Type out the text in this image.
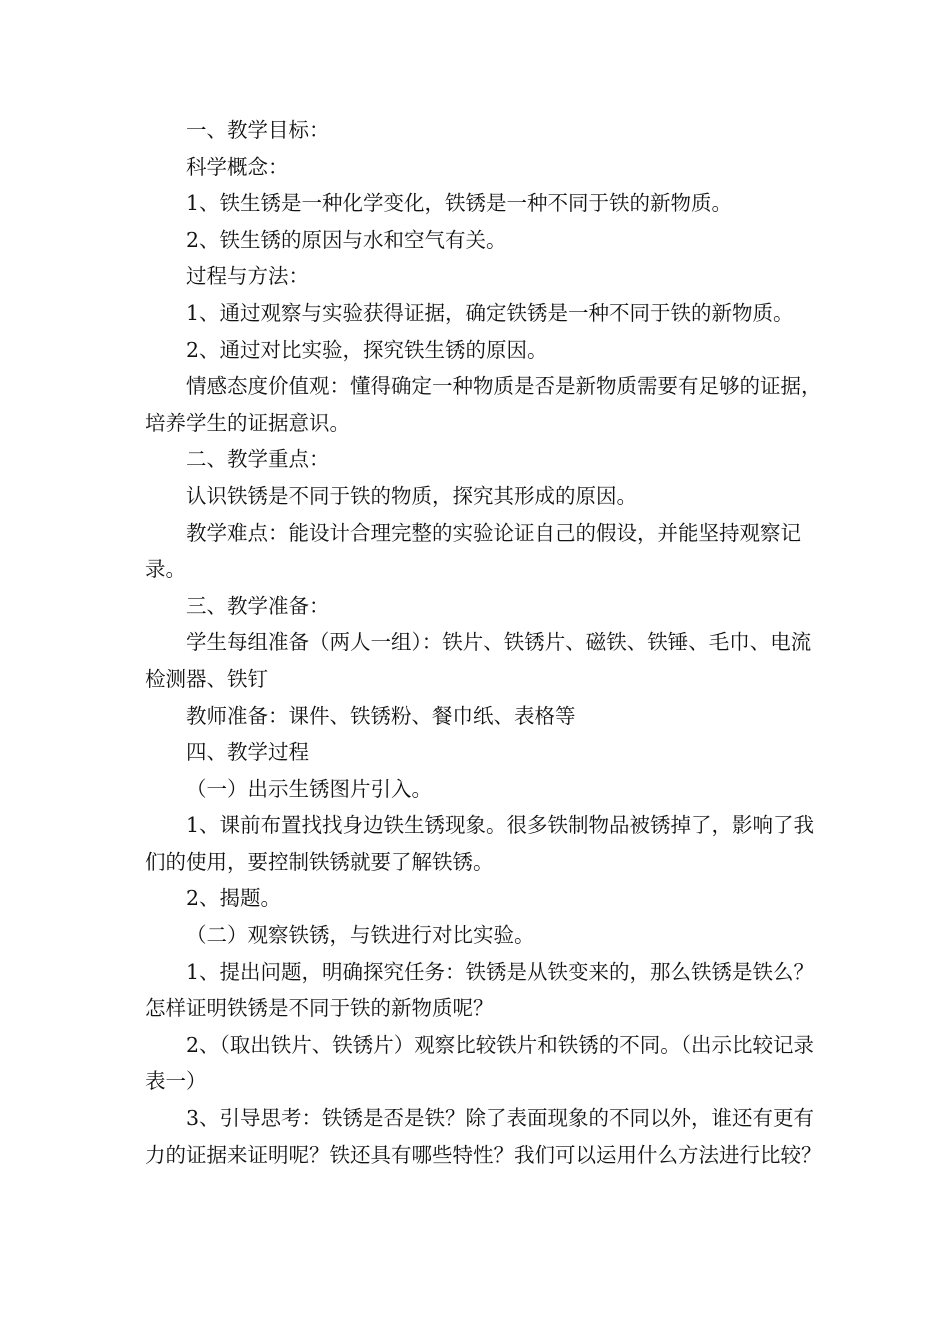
一、教学目标：

科学概念：

1、铁生锈是一种化学变化，铁锈是一种不同于铁的新物质。

2、铁生锈的原因与水和空气有关。

过程与方法：

1、通过观察与实验获得证据，确定铁锈是一种不同于铁的新物质。

2、通过对比实验，探究铁生锈的原因。

情感态度价值观：懂得确定一种物质是否是新物质需要有足够的证据，培养学生的证据意识。

二、教学重点：

认识铁锈是不同于铁的物质，探究其形成的原因。

教学难点：能设计合理完整的实验论证自己的假设，并能坚持观察记录。

三、教学准备：

学生每组准备（两人一组）：铁片、铁锈片、磁铁、铁锤、毛巾、电流检测器、铁钉

教师准备：课件、铁锈粉、餐巾纸、表格等

四、教学过程

（一）出示生锈图片引入。

1、课前布置找找身边铁生锈现象。很多铁制物品被锈掉了，影响了我们的使用，要控制铁锈就要了解铁锈。

2、揭题。

（二）观察铁锈，与铁进行对比实验。

1、提出问题，明确探究任务：铁锈是从铁变来的，那么铁锈是铁么？怎样证明铁锈是不同于铁的新物质呢？

2、（取出铁片、铁锈片）观察比较铁片和铁锈的不同。（出示比较记录表一）

3、引导思考：铁锈是否是铁？除了表面现象的不同以外，谁还有更有力的证据来证明呢？铁还具有哪些特性？我们可以运用什么方法进行比较？
